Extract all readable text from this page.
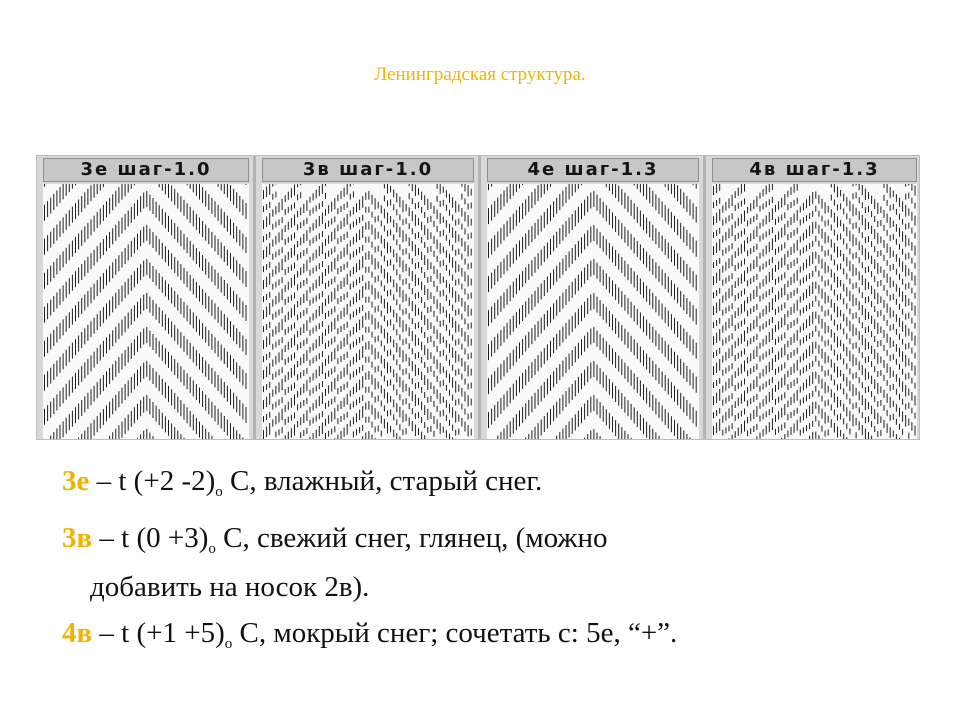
Ленинградская структура.
3е шаг-1.0	3в шаг-1.0	4е шаг-1.3	4в шаг-1.3
3е – t (+2 $-2)_о$ С, влажный, старый снег.
3в – t $(0 +3)_о$ С, свежий снег, глянец, (можно
добавить на носок 2в).
4в – t $(+1 +5)_о$ С, мокрый снег; сочетать с: 5е, “+”.
